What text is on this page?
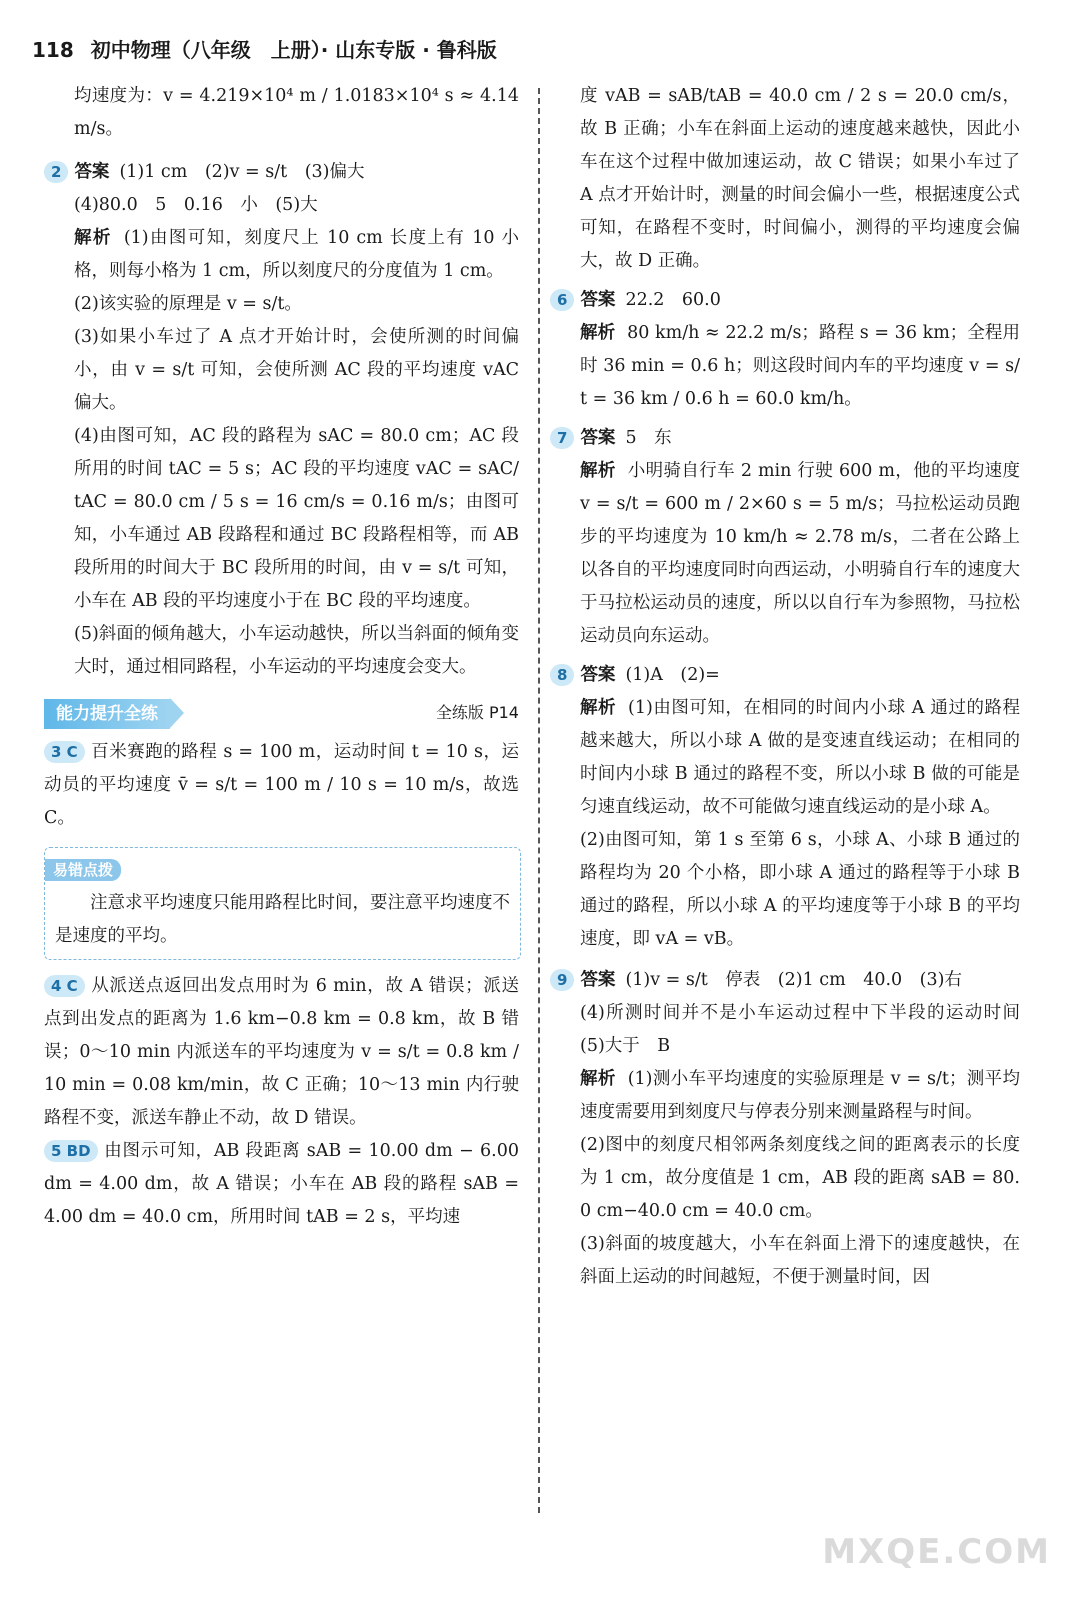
118 初中物理（八年级　上册）· 山东专版 · 鲁科版

均速度为：v = 4.219×10⁴ m / 1.0183×10⁴ s ≈ 4.14 m/s。

2 答案 (1)1 cm　(2)v = s/t　(3)偏大

(4)80.0　5　0.16　小　(5)大

解析 (1)由图可知，刻度尺上 10 cm 长度上有 10 小格，则每小格为 1 cm，所以刻度尺的分度值为 1 cm。

(2)该实验的原理是 v = s/t。

(3)如果小车过了 A 点才开始计时，会使所测的时间偏小，由 v = s/t 可知，会使所测 AC 段的平均速度 vAC 偏大。

(4)由图可知，AC 段的路程为 sAC = 80.0 cm；AC 段所用的时间 tAC = 5 s；AC 段的平均速度 vAC = sAC/tAC = 80.0 cm / 5 s = 16 cm/s = 0.16 m/s；由图可知，小车通过 AB 段路程和通过 BC 段路程相等，而 AB 段所用的时间大于 BC 段所用的时间，由 v = s/t 可知，小车在 AB 段的平均速度小于在 BC 段的平均速度。

(5)斜面的倾角越大，小车运动越快，所以当斜面的倾角变大时，通过相同路程，小车运动的平均速度会变大。

能力提升全练	全练版 P14

3 C 百米赛跑的路程 s = 100 m，运动时间 t = 10 s，运动员的平均速度 v̄ = s/t = 100 m / 10 s = 10 m/s，故选 C。

易错点拨

注意求平均速度只能用路程比时间，要注意平均速度不是速度的平均。

4 C 从派送点返回出发点用时为 6 min，故 A 错误；派送点到出发点的距离为 1.6 km−0.8 km = 0.8 km，故 B 错误；0～10 min 内派送车的平均速度为 v = s/t = 0.8 km / 10 min = 0.08 km/min，故 C 正确；10～13 min 内行驶路程不变，派送车静止不动，故 D 错误。

5 BD 由图示可知，AB 段距离 sAB = 10.00 dm − 6.00 dm = 4.00 dm，故 A 错误；小车在 AB 段的路程 sAB = 4.00 dm = 40.0 cm，所用时间 tAB = 2 s，平均速

度 vAB = sAB/tAB = 40.0 cm / 2 s = 20.0 cm/s，故 B 正确；小车在斜面上运动的速度越来越快，因此小车在这个过程中做加速运动，故 C 错误；如果小车过了 A 点才开始计时，测量的时间会偏小一些，根据速度公式可知，在路程不变时，时间偏小，测得的平均速度会偏大，故 D 正确。

6 答案 22.2　60.0

解析 80 km/h ≈ 22.2 m/s；路程 s = 36 km；全程用时 36 min = 0.6 h；则这段时间内车的平均速度 v = s/t = 36 km / 0.6 h = 60.0 km/h。

7 答案 5　东

解析 小明骑自行车 2 min 行驶 600 m，他的平均速度 v = s/t = 600 m / 2×60 s = 5 m/s；马拉松运动员跑步的平均速度为 10 km/h ≈ 2.78 m/s，二者在公路上以各自的平均速度同时向西运动，小明骑自行车的速度大于马拉松运动员的速度，所以以自行车为参照物，马拉松运动员向东运动。

8 答案 (1)A　(2)=

解析 (1)由图可知，在相同的时间内小球 A 通过的路程越来越大，所以小球 A 做的是变速直线运动；在相同的时间内小球 B 通过的路程不变，所以小球 B 做的可能是匀速直线运动，故不可能做匀速直线运动的是小球 A。

(2)由图可知，第 1 s 至第 6 s，小球 A、小球 B 通过的路程均为 20 个小格，即小球 A 通过的路程等于小球 B 通过的路程，所以小球 A 的平均速度等于小球 B 的平均速度，即 vA = vB。

9 答案 (1)v = s/t　停表　(2)1 cm　40.0　(3)右

(4)所测时间并不是小车运动过程中下半段的运动时间　(5)大于　B

解析 (1)测小车平均速度的实验原理是 v = s/t；测平均速度需要用到刻度尺与停表分别来测量路程与时间。

(2)图中的刻度尺相邻两条刻度线之间的距离表示的长度为 1 cm，故分度值是 1 cm，AB 段的距离 sAB = 80.0 cm−40.0 cm = 40.0 cm。

(3)斜面的坡度越大，小车在斜面上滑下的速度越快，在斜面上运动的时间越短，不便于测量时间，因

MXQE.COM
